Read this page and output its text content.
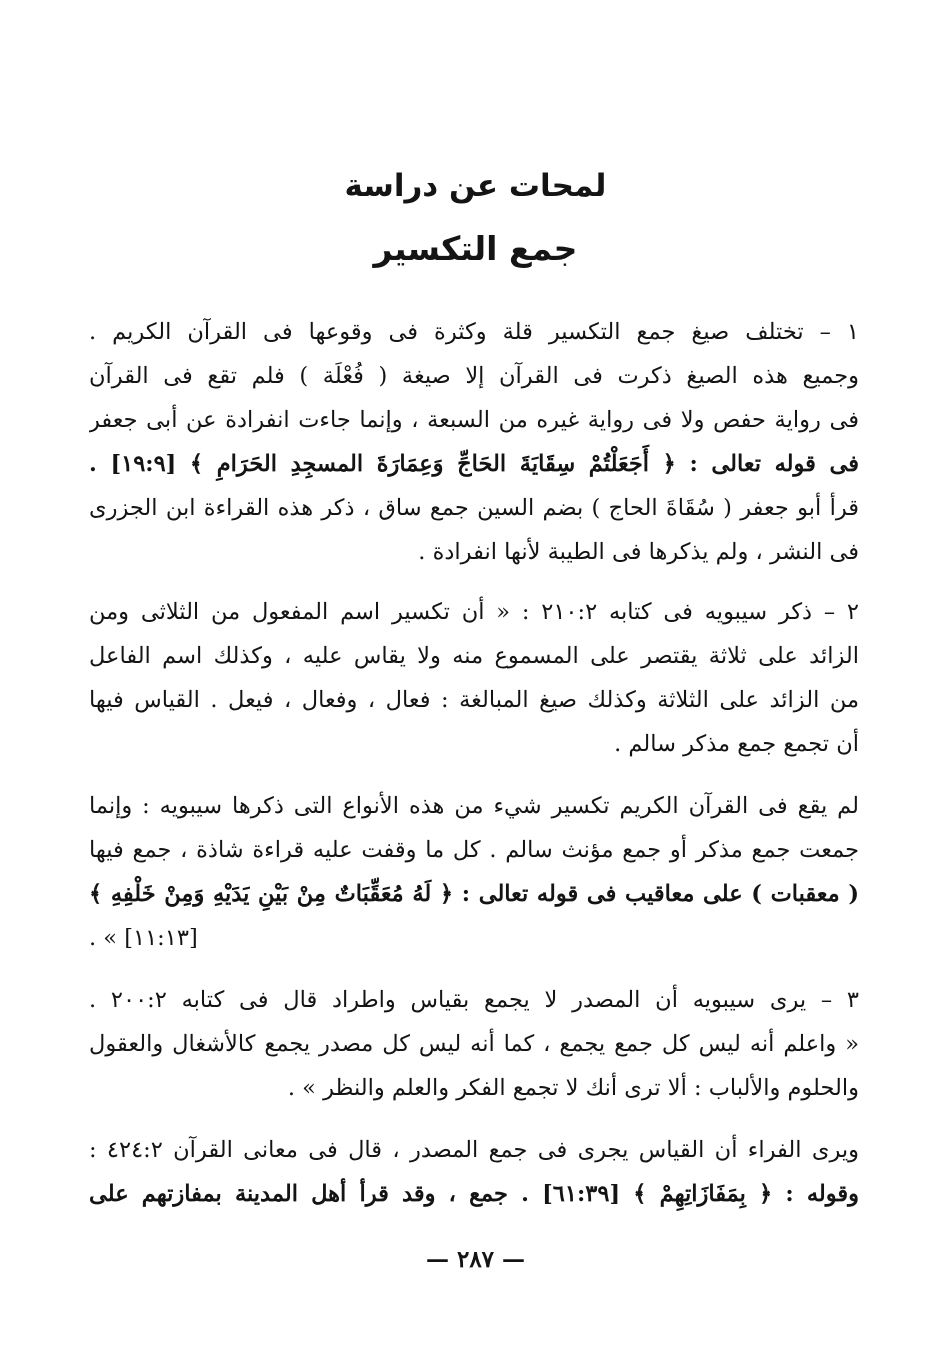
لمحات عن دراسة
جمع التكسير
١ – تختلف صيغ جمع التكسير قلة وكثرة فى وقوعها فى القرآن الكريم .
وجميع هذه الصيغ ذكرت فى القرآن إلا صيغة ( فُعْلَة ) فلم تقع فى القرآن
فى رواية حفص ولا فى رواية غيره من السبعة ، وإنما جاءت انفرادة عن أبى جعفر
فى قوله تعالى : ﴿ أَجَعَلْتُمْ سِقَايَةَ الحَاجِّ وَعِمَارَةَ المسجِدِ الحَرَامِ ﴾ [١٩:٩] .
قرأ أبو جعفر ( سُقَاةَ الحاج ) بضم السين جمع ساق ، ذكر هذه القراءة ابن الجزرى
فى النشر ، ولم يذكرها فى الطيبة لأنها انفرادة .
٢ – ذكر سيبويه فى كتابه ٢١٠:٢ : « أن تكسير اسم المفعول من الثلاثى ومن
الزائد على ثلاثة يقتصر على المسموع منه ولا يقاس عليه ، وكذلك اسم الفاعل
من الزائد على الثلاثة وكذلك صيغ المبالغة : فعال ، وفعال ، فيعل . القياس فيها
أن تجمع جمع مذكر سالم .
لم يقع فى القرآن الكريم تكسير شيء من هذه الأنواع التى ذكرها سيبويه : وإنما
جمعت جمع مذكر أو جمع مؤنث سالم . كل ما وقفت عليه قراءة شاذة ، جمع فيها
( معقبات ) على معاقيب فى قوله تعالى : ﴿ لَهُ مُعَقِّبَاتٌ مِنْ بَيْنِ يَدَيْهِ وَمِنْ خَلْفِهِ ﴾
[١١:١٣] » .
٣ – يرى سيبويه أن المصدر لا يجمع بقياس واطراد قال فى كتابه ٢٠٠:٢ .
« واعلم أنه ليس كل جمع يجمع ، كما أنه ليس كل مصدر يجمع كالأشغال والعقول
والحلوم والألباب : ألا ترى أنك لا تجمع الفكر والعلم والنظر » .
ويرى الفراء أن القياس يجرى فى جمع المصدر ، قال فى معانى القرآن ٤٢٤:٢ :
وقوله : ﴿ بِمَفَازَاتِهِمْ ﴾ [٦١:٣٩] . جمع ، وقد قرأ أهل المدينة بمفازتهم على
— ٢٨٧ —
